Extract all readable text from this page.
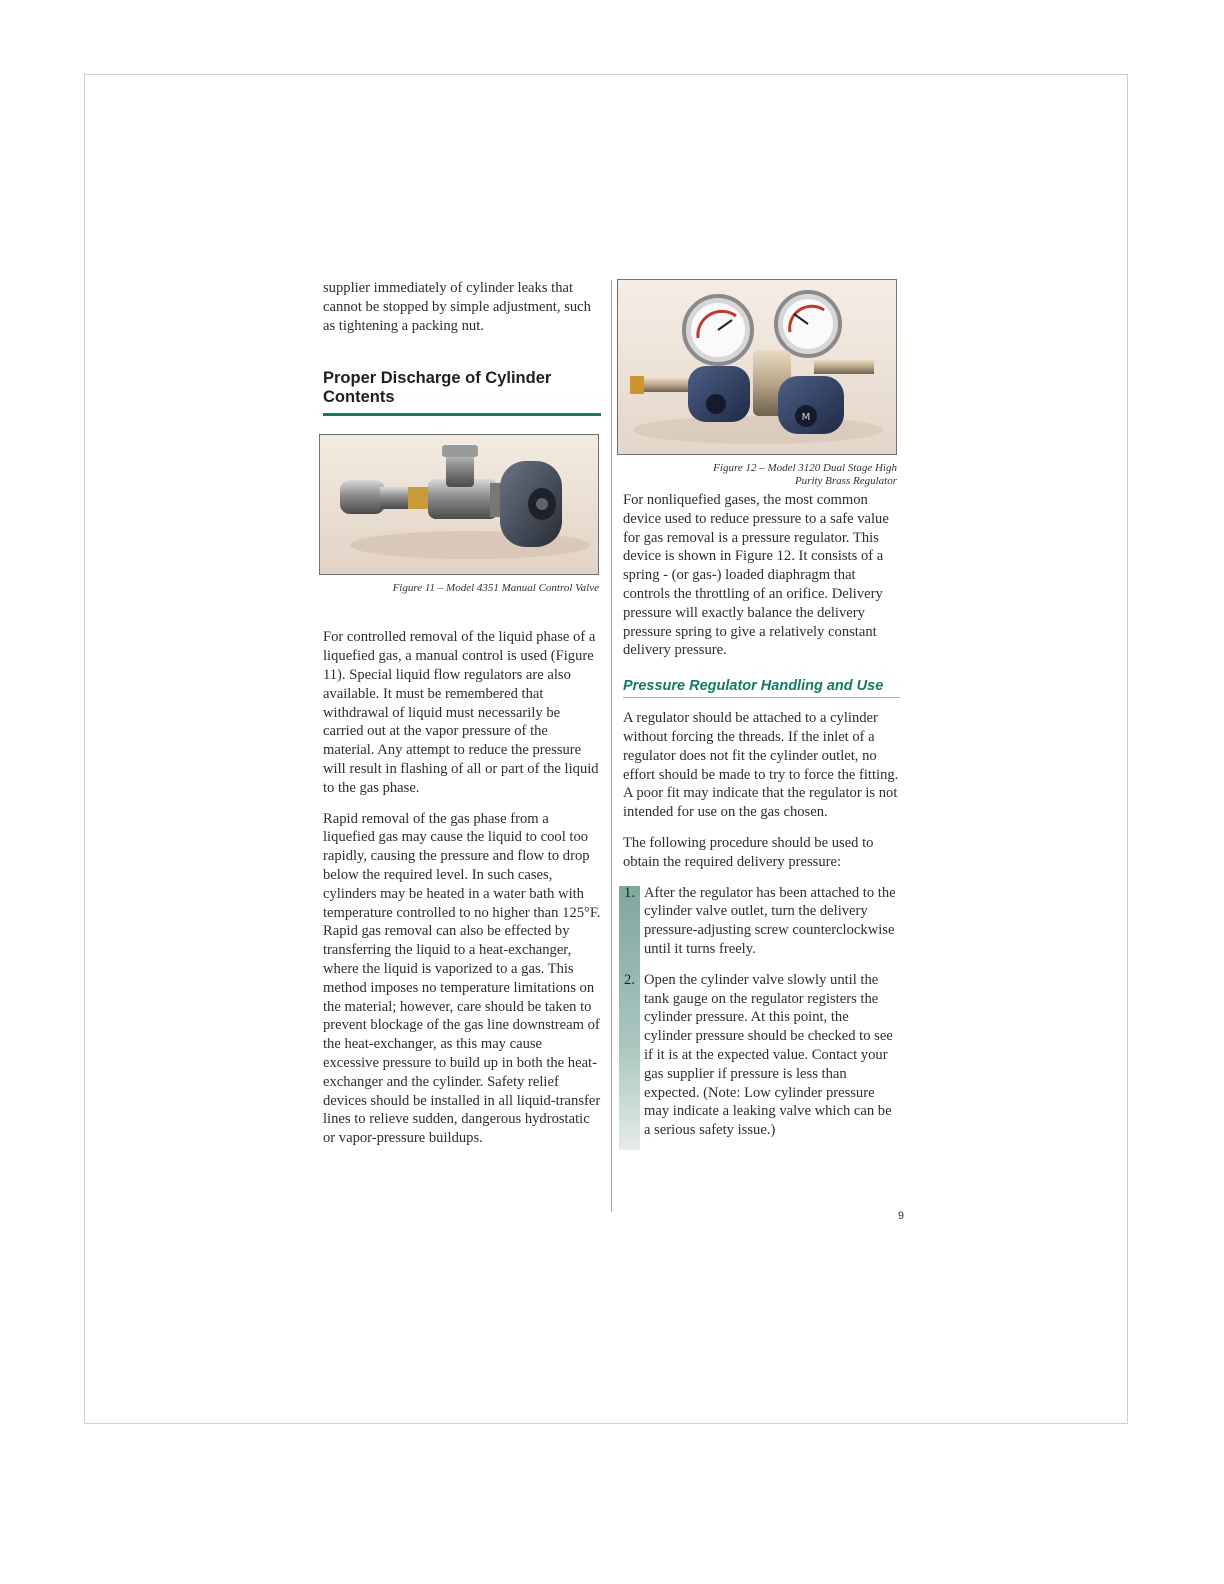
supplier immediately of cylinder leaks that cannot be stopped by simple adjustment, such as tightening a packing nut.

Proper Discharge of Cylinder Contents

Figure 11 – Model 4351 Manual Control Valve

For controlled removal of the liquid phase of a liquefied gas, a manual control is used (Figure 11). Special liquid flow regulators are also available. It must be remembered that withdrawal of liquid must necessarily be carried out at the vapor pressure of the material. Any attempt to reduce the pressure will result in flashing of all or part of the liquid to the gas phase.

Rapid removal of the gas phase from a liquefied gas may cause the liquid to cool too rapidly, causing the pressure and flow to drop below the required level. In such cases, cylinders may be heated in a water bath with temperature controlled to no higher than 125°F. Rapid gas removal can also be effected by transferring the liquid to a heat-exchanger, where the liquid is vaporized to a gas. This method imposes no temperature limitations on the material; however, care should be taken to prevent blockage of the gas line downstream of the heat-exchanger, as this may cause excessive pressure to build up in both the heat-exchanger and the cylinder. Safety relief devices should be installed in all liquid-transfer lines to relieve sudden, dangerous hydrostatic or vapor-pressure buildups.

M

Figure 12 – Model 3120 Dual Stage High
Purity Brass Regulator

For nonliquefied gases, the most common device used to reduce pressure to a safe value for gas removal is a pressure regulator. This device is shown in Figure 12. It consists of a spring - (or gas-) loaded diaphragm that controls the throttling of an orifice. Delivery pressure will exactly balance the delivery pressure spring to give a relatively constant delivery pressure.

Pressure Regulator Handling and Use

A regulator should be attached to a cylinder without forcing the threads. If the inlet of a regulator does not fit the cylinder outlet, no effort should be made to try to force the fitting. A poor fit may indicate that the regulator is not intended for use on the gas chosen.

The following procedure should be used to obtain the required delivery pressure:

1. After the regulator has been attached to the cylinder valve outlet, turn the delivery pressure-adjusting screw counterclockwise until it turns freely.
2. Open the cylinder valve slowly until the tank gauge on the regulator registers the cylinder pressure. At this point, the cylinder pressure should be checked to see if it is at the expected value. Contact your gas supplier if pressure is less than expected. (Note: Low cylinder pressure may indicate a leaking valve which can be a serious safety issue.)
9
